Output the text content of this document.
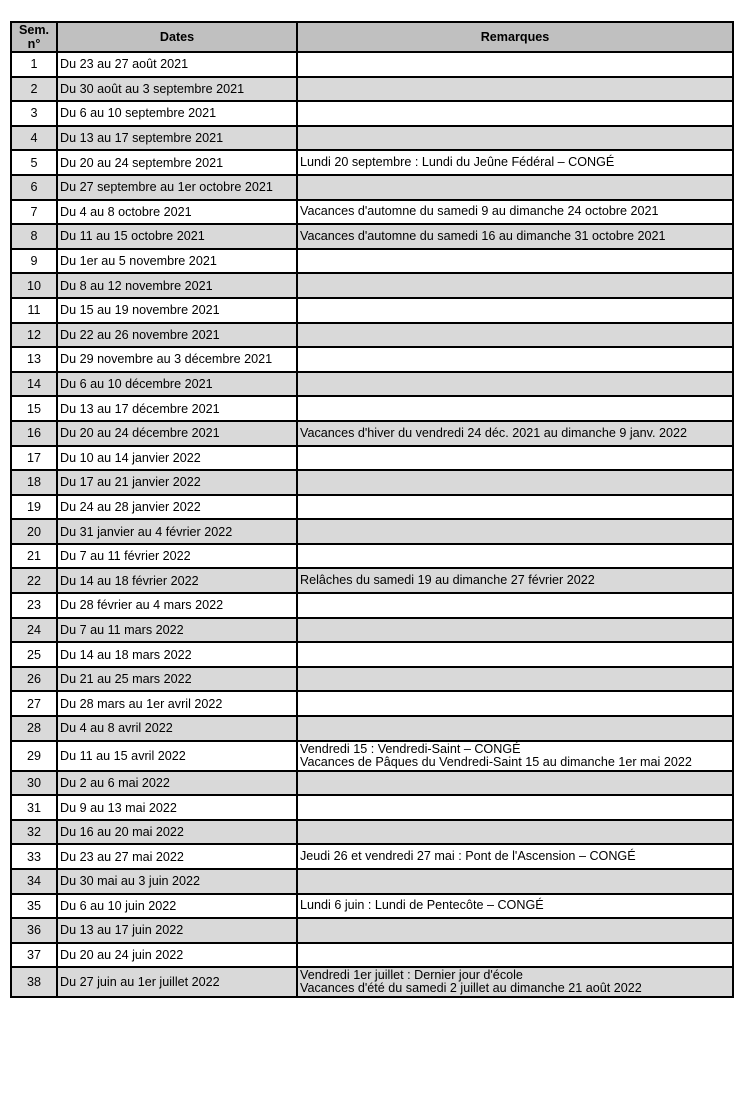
Sem.
n°	Dates	Remarques
1	Du 23 au 27 août 2021	
2	Du 30 août au 3 septembre 2021	
3	Du 6 au 10 septembre 2021	
4	Du 13 au 17 septembre 2021	
5	Du 20 au 24 septembre 2021	Lundi 20 septembre : Lundi du Jeûne Fédéral – CONGÉ

6	Du 27 septembre au 1er octobre 2021	
7	Du 4 au 8 octobre 2021	Vacances d'automne du samedi 9 au dimanche 24 octobre 2021

8	Du 11 au 15 octobre 2021	Vacances d'automne du samedi 16 au dimanche 31 octobre 2021

9	Du 1er au 5 novembre 2021	
10	Du 8 au 12 novembre 2021	
11	Du 15 au 19 novembre 2021	
12	Du 22 au 26 novembre 2021	
13	Du 29 novembre au 3 décembre 2021	
14	Du 6 au 10 décembre 2021	
15	Du 13 au 17 décembre 2021	
16	Du 20 au 24 décembre 2021	Vacances d'hiver du vendredi 24 déc. 2021 au dimanche 9 janv. 2022

17	Du 10 au 14 janvier 2022	
18	Du 17 au 21 janvier 2022	
19	Du 24 au 28 janvier 2022	
20	Du 31 janvier au 4 février 2022	
21	Du 7 au 11 février 2022	
22	Du 14 au 18 février 2022	Relâches du samedi 19 au dimanche 27 février 2022

23	Du 28 février au 4 mars 2022	
24	Du 7 au 11 mars 2022	
25	Du 14 au 18 mars 2022	
26	Du 21 au 25 mars 2022	
27	Du 28 mars au 1er avril 2022	
28	Du 4 au 8 avril 2022	
29	Du 11 au 15 avril 2022	Vendredi 15 : Vendredi-Saint – CONGÉ
Vacances de Pâques du Vendredi-Saint 15 au dimanche 1er mai 2022

30	Du 2 au 6 mai 2022	
31	Du 9 au 13 mai 2022	
32	Du 16 au 20 mai 2022	
33	Du 23 au 27 mai 2022	Jeudi 26 et vendredi 27 mai : Pont de l'Ascension – CONGÉ

34	Du 30 mai au 3 juin 2022	
35	Du 6 au 10 juin 2022	Lundi 6 juin : Lundi de Pentecôte – CONGÉ

36	Du 13 au 17 juin 2022	
37	Du 20 au 24 juin 2022	
38	Du 27 juin au 1er juillet 2022	Vendredi 1er juillet : Dernier jour d'école
Vacances d'été du samedi 2 juillet au dimanche 21 août 2022
